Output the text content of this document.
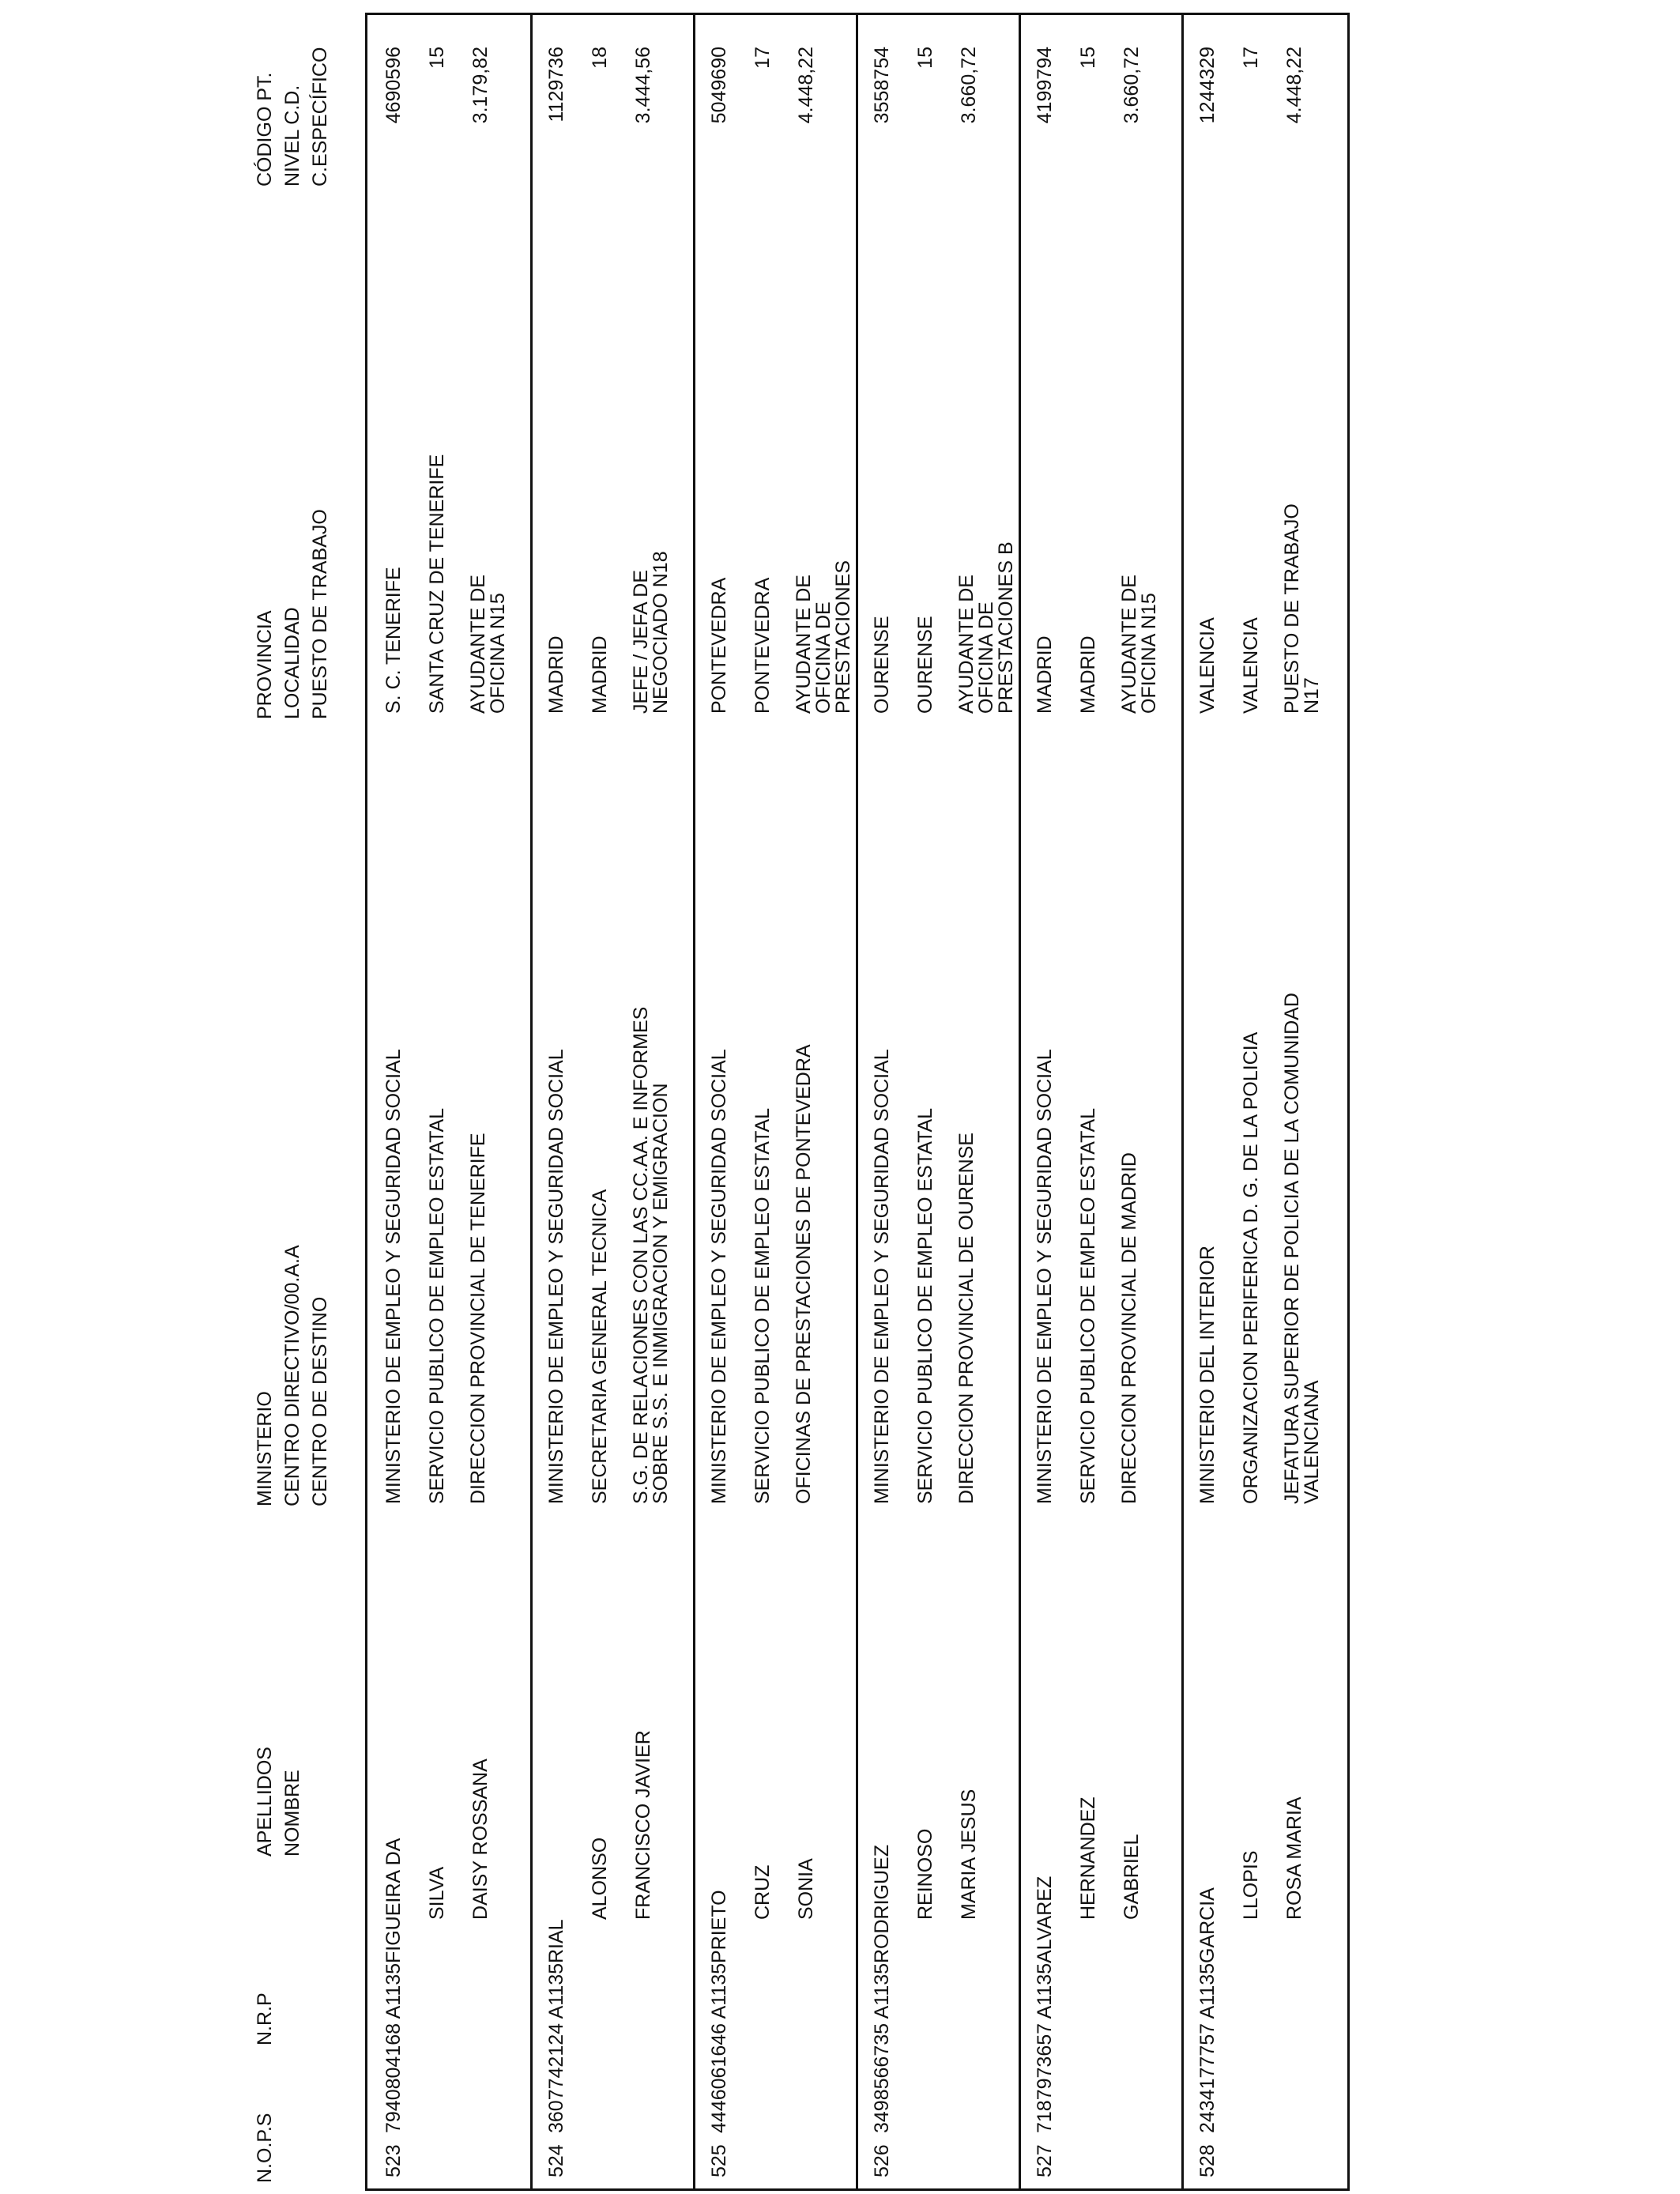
N.O.P.S
N.R.P
APELLIDOS NOMBRE
MINISTERIO CENTRO DIRECTIVO/00.A.A CENTRO DE DESTINO
PROVINCIA LOCALIDAD PUESTO DE TRABAJO
CÓDIGO PT. NIVEL C.D. C.ESPECÍFICO
523
7940804168 A1135
FIGUEIRA DA SILVA DAISY ROSSANA
MINISTERIO DE EMPLEO Y SEGURIDAD SOCIAL SERVICIO PUBLICO DE EMPLEO ESTATAL DIRECCION PROVINCIAL DE TENERIFE
S. C. TENERIFE SANTA CRUZ DE TENERIFE AYUDANTE DE OFICINA N15
4690596 15 3.179,82
524
3607742124 A1135
RIAL
ALONSO FRANCISCO JAVIER
MINISTERIO DE EMPLEO Y SEGURIDAD SOCIAL SECRETARIA GENERAL TECNICA S.G. DE RELACIONES CON LAS CC.AA. E INFORMES SOBRE S.S. E INMIGRACION Y EMIGRACION
MADRID MADRID JEFE / JEFA DE NEGOCIADO N18
1129736 18 3.444,56
525
4446061646 A1135
PRIETO CRUZ SONIA
MINISTERIO DE EMPLEO Y SEGURIDAD SOCIAL SERVICIO PUBLICO DE EMPLEO ESTATAL OFICINAS DE PRESTACIONES DE PONTEVEDRA
PONTEVEDRA PONTEVEDRA AYUDANTE DE OFICINA DE PRESTACIONES
5049690 17 4.448,22
526
3498566735 A1135
RODRIGUEZ REINOSO MARIA JESUS
MINISTERIO DE EMPLEO Y SEGURIDAD SOCIAL SERVICIO PUBLICO DE EMPLEO ESTATAL DIRECCION PROVINCIAL DE OURENSE
OURENSE OURENSE AYUDANTE DE OFICINA DE PRESTACIONES B
3558754 15 3.660,72
527
7187973657 A1135
ALVAREZ HERNANDEZ GABRIEL
MINISTERIO DE EMPLEO Y SEGURIDAD SOCIAL SERVICIO PUBLICO DE EMPLEO ESTATAL DIRECCION PROVINCIAL DE MADRID
MADRID MADRID AYUDANTE DE OFICINA N15
4199794 15 3.660,72
528
2434177757 A1135
GARCIA
LLOPIS ROSA MARIA
MINISTERIO DEL INTERIOR ORGANIZACION PERIFERICA D. G. DE LA POLICIA JEFATURA SUPERIOR DE POLICIA DE LA COMUNIDAD VALENCIANA
VALENCIA VALENCIA PUESTO DE TRABAJO N17
1244329 17 4.448,22
